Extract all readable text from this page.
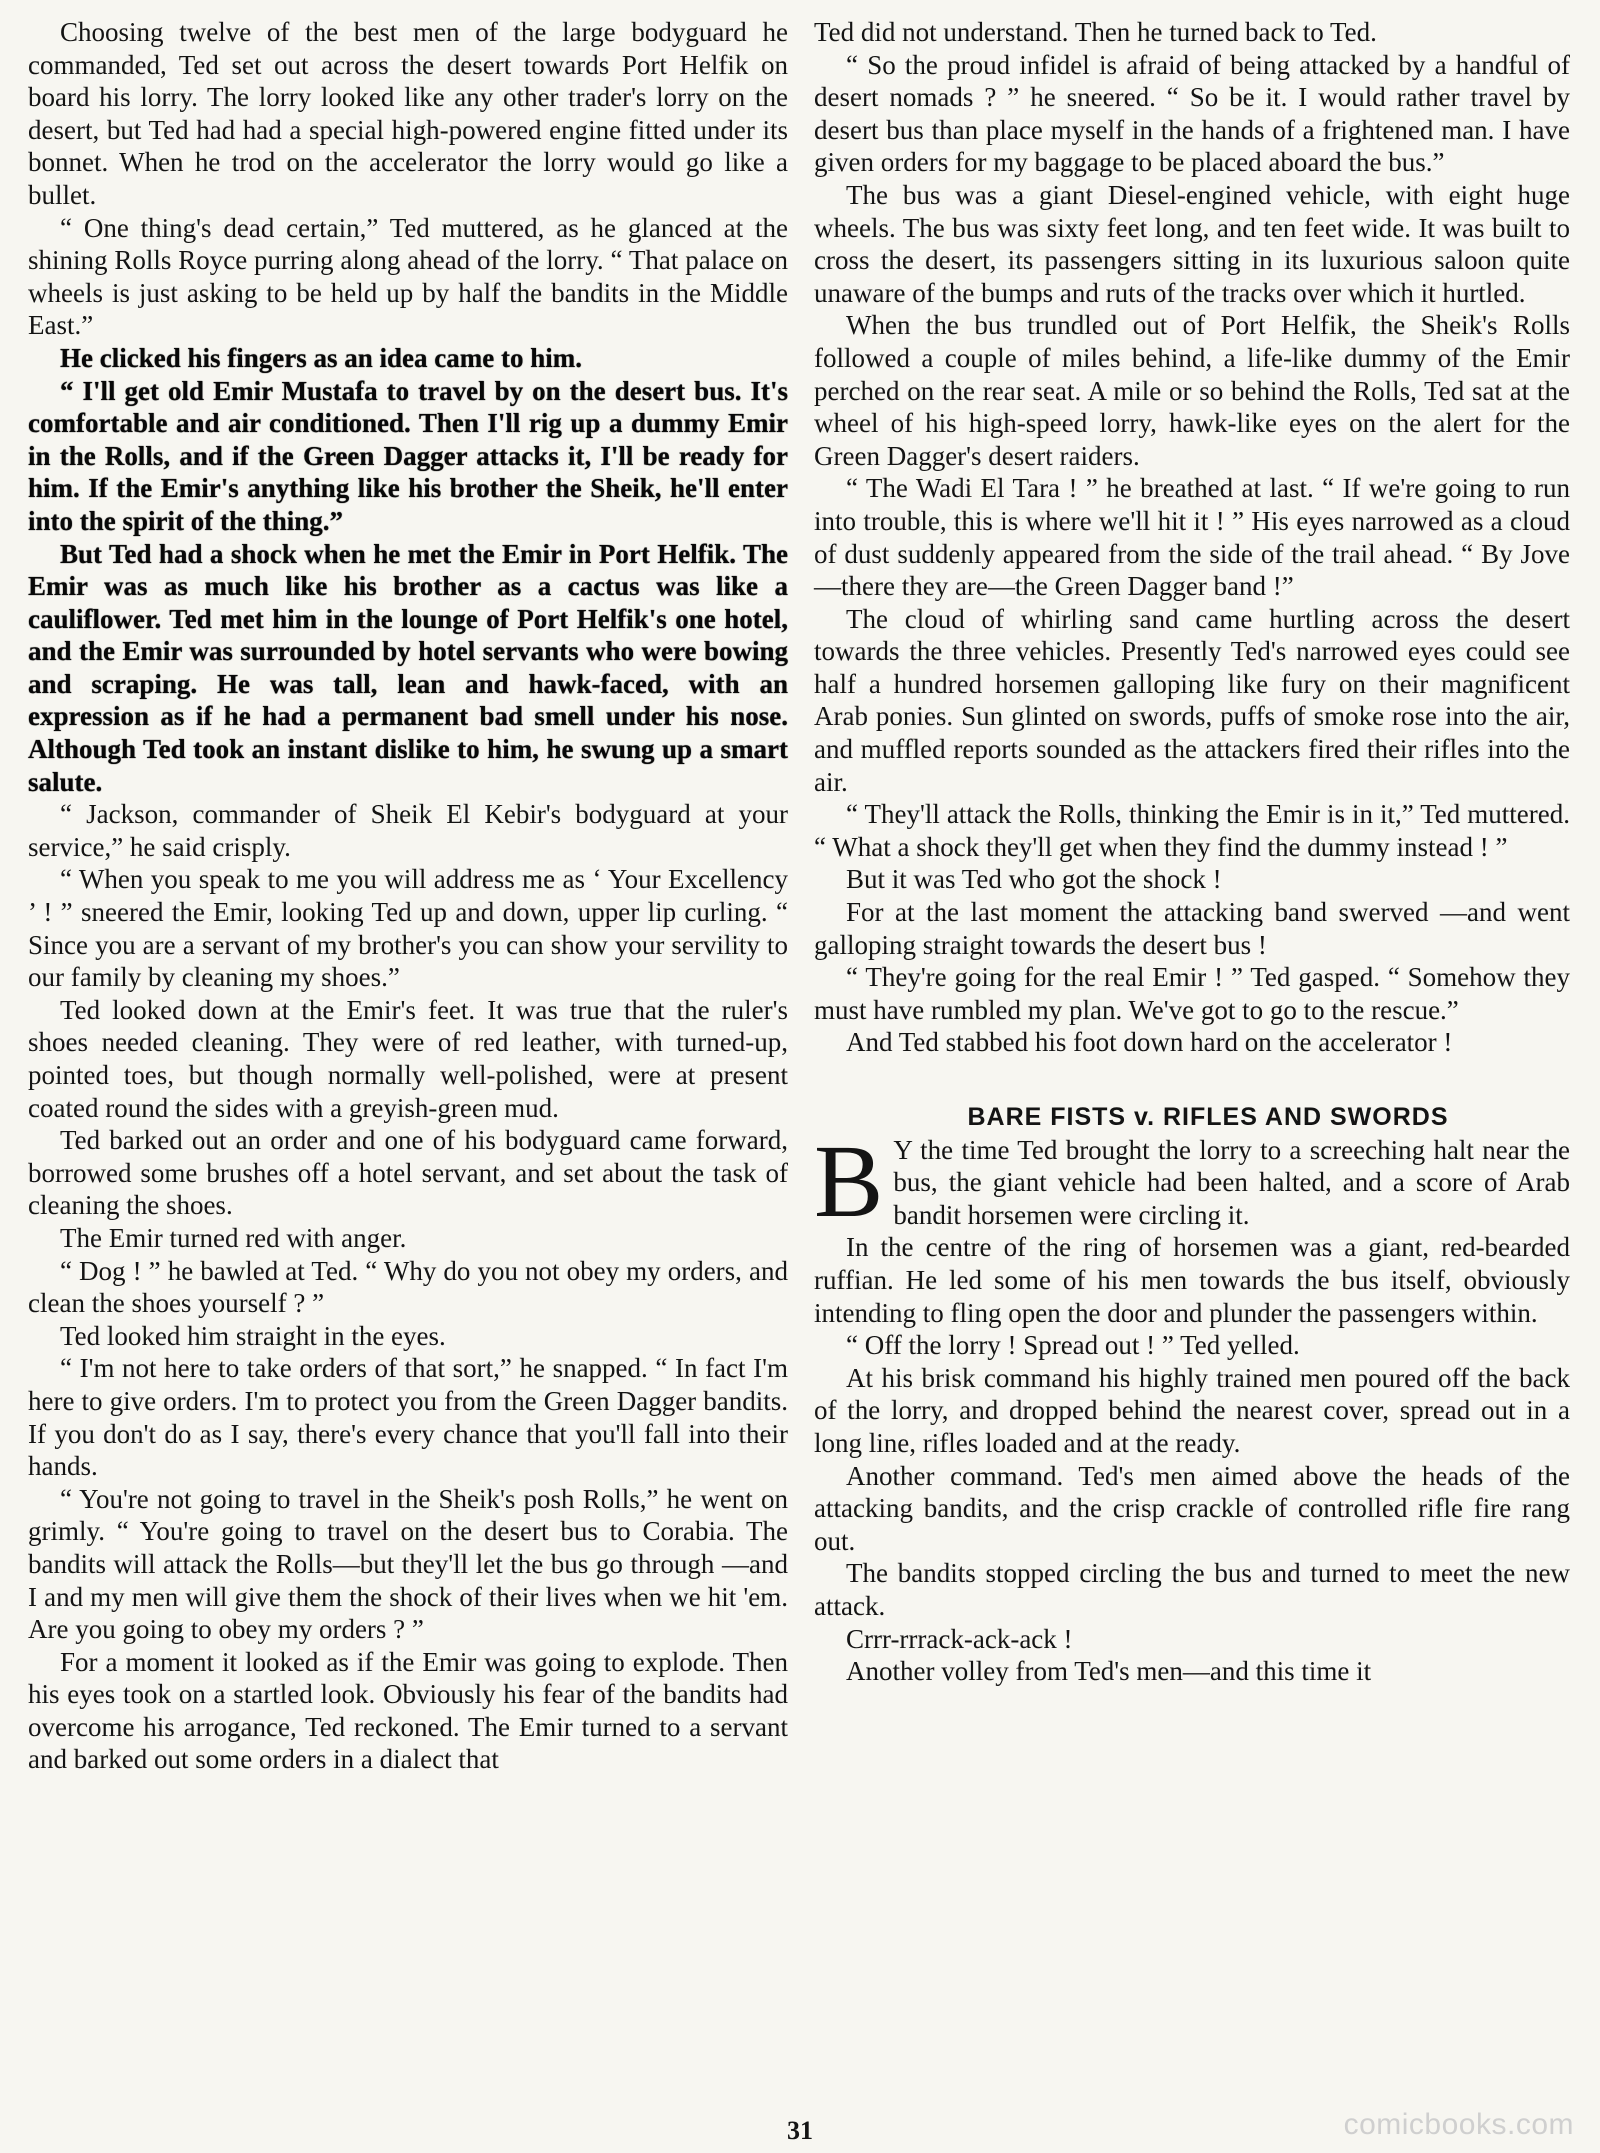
Choosing twelve of the best men of the large bodyguard he commanded, Ted set out across the desert towards Port Helfik on board his lorry. The lorry looked like any other trader's lorry on the desert, but Ted had had a special high-powered engine fitted under its bonnet. When he trod on the accelerator the lorry would go like a bullet.

“ One thing's dead certain,” Ted muttered, as he glanced at the shining Rolls Royce purring along ahead of the lorry. “ That palace on wheels is just asking to be held up by half the bandits in the Middle East.”

He clicked his fingers as an idea came to him.

“ I'll get old Emir Mustafa to travel by on the desert bus. It's comfortable and air conditioned. Then I'll rig up a dummy Emir in the Rolls, and if the Green Dagger attacks it, I'll be ready for him. If the Emir's anything like his brother the Sheik, he'll enter into the spirit of the thing.”

But Ted had a shock when he met the Emir in Port Helfik. The Emir was as much like his brother as a cactus was like a cauliflower. Ted met him in the lounge of Port Helfik's one hotel, and the Emir was surrounded by hotel servants who were bowing and scraping. He was tall, lean and hawk-faced, with an expression as if he had a permanent bad smell under his nose. Although Ted took an instant dislike to him, he swung up a smart salute.

“ Jackson, commander of Sheik El Kebir's bodyguard at your service,” he said crisply.

“ When you speak to me you will address me as ‘ Your Excellency ’ ! ” sneered the Emir, looking Ted up and down, upper lip curling. “ Since you are a servant of my brother's you can show your servility to our family by cleaning my shoes.”

Ted looked down at the Emir's feet. It was true that the ruler's shoes needed cleaning. They were of red leather, with turned-up, pointed toes, but though normally well-polished, were at present coated round the sides with a greyish-green mud.

Ted barked out an order and one of his bodyguard came forward, borrowed some brushes off a hotel servant, and set about the task of cleaning the shoes.

The Emir turned red with anger.

“ Dog ! ” he bawled at Ted. “ Why do you not obey my orders, and clean the shoes yourself ? ”

Ted looked him straight in the eyes.

“ I'm not here to take orders of that sort,” he snapped. “ In fact I'm here to give orders. I'm to protect you from the Green Dagger bandits. If you don't do as I say, there's every chance that you'll fall into their hands.

“ You're not going to travel in the Sheik's posh Rolls,” he went on grimly. “ You're going to travel on the desert bus to Corabia. The bandits will attack the Rolls—but they'll let the bus go through —and I and my men will give them the shock of their lives when we hit 'em. Are you going to obey my orders ? ”

For a moment it looked as if the Emir was going to explode. Then his eyes took on a startled look. Obviously his fear of the bandits had overcome his arrogance, Ted reckoned. The Emir turned to a servant and barked out some orders in a dialect that

Ted did not understand. Then he turned back to Ted.

“ So the proud infidel is afraid of being attacked by a handful of desert nomads ? ” he sneered. “ So be it. I would rather travel by desert bus than place myself in the hands of a frightened man. I have given orders for my baggage to be placed aboard the bus.”

The bus was a giant Diesel-engined vehicle, with eight huge wheels. The bus was sixty feet long, and ten feet wide. It was built to cross the desert, its passengers sitting in its luxurious saloon quite unaware of the bumps and ruts of the tracks over which it hurtled.

When the bus trundled out of Port Helfik, the Sheik's Rolls followed a couple of miles behind, a life-like dummy of the Emir perched on the rear seat. A mile or so behind the Rolls, Ted sat at the wheel of his high-speed lorry, hawk-like eyes on the alert for the Green Dagger's desert raiders.

“ The Wadi El Tara ! ” he breathed at last. “ If we're going to run into trouble, this is where we'll hit it ! ” His eyes narrowed as a cloud of dust suddenly appeared from the side of the trail ahead. “ By Jove—there they are—the Green Dagger band !”

The cloud of whirling sand came hurtling across the desert towards the three vehicles. Presently Ted's narrowed eyes could see half a hundred horsemen galloping like fury on their magnificent Arab ponies. Sun glinted on swords, puffs of smoke rose into the air, and muffled reports sounded as the attackers fired their rifles into the air.

“ They'll attack the Rolls, thinking the Emir is in it,” Ted muttered. “ What a shock they'll get when they find the dummy instead ! ”

But it was Ted who got the shock !

For at the last moment the attacking band swerved —and went galloping straight towards the desert bus !

“ They're going for the real Emir ! ” Ted gasped. “ Somehow they must have rumbled my plan. We've got to go to the rescue.”

And Ted stabbed his foot down hard on the accelerator !

BARE FISTS v. RIFLES AND SWORDS

B Y the time Ted brought the lorry to a screeching halt near the bus, the giant vehicle had been halted, and a score of Arab bandit horsemen were circling it.

In the centre of the ring of horsemen was a giant, red-bearded ruffian. He led some of his men towards the bus itself, obviously intending to fling open the door and plunder the passengers within.

“ Off the lorry ! Spread out ! ” Ted yelled.

At his brisk command his highly trained men poured off the back of the lorry, and dropped behind the nearest cover, spread out in a long line, rifles loaded and at the ready.

Another command. Ted's men aimed above the heads of the attacking bandits, and the crisp crackle of controlled rifle fire rang out.

The bandits stopped circling the bus and turned to meet the new attack.

Crrr-rrrack-ack-ack !

Another volley from Ted's men—and this time it

31	comicbooks.com
